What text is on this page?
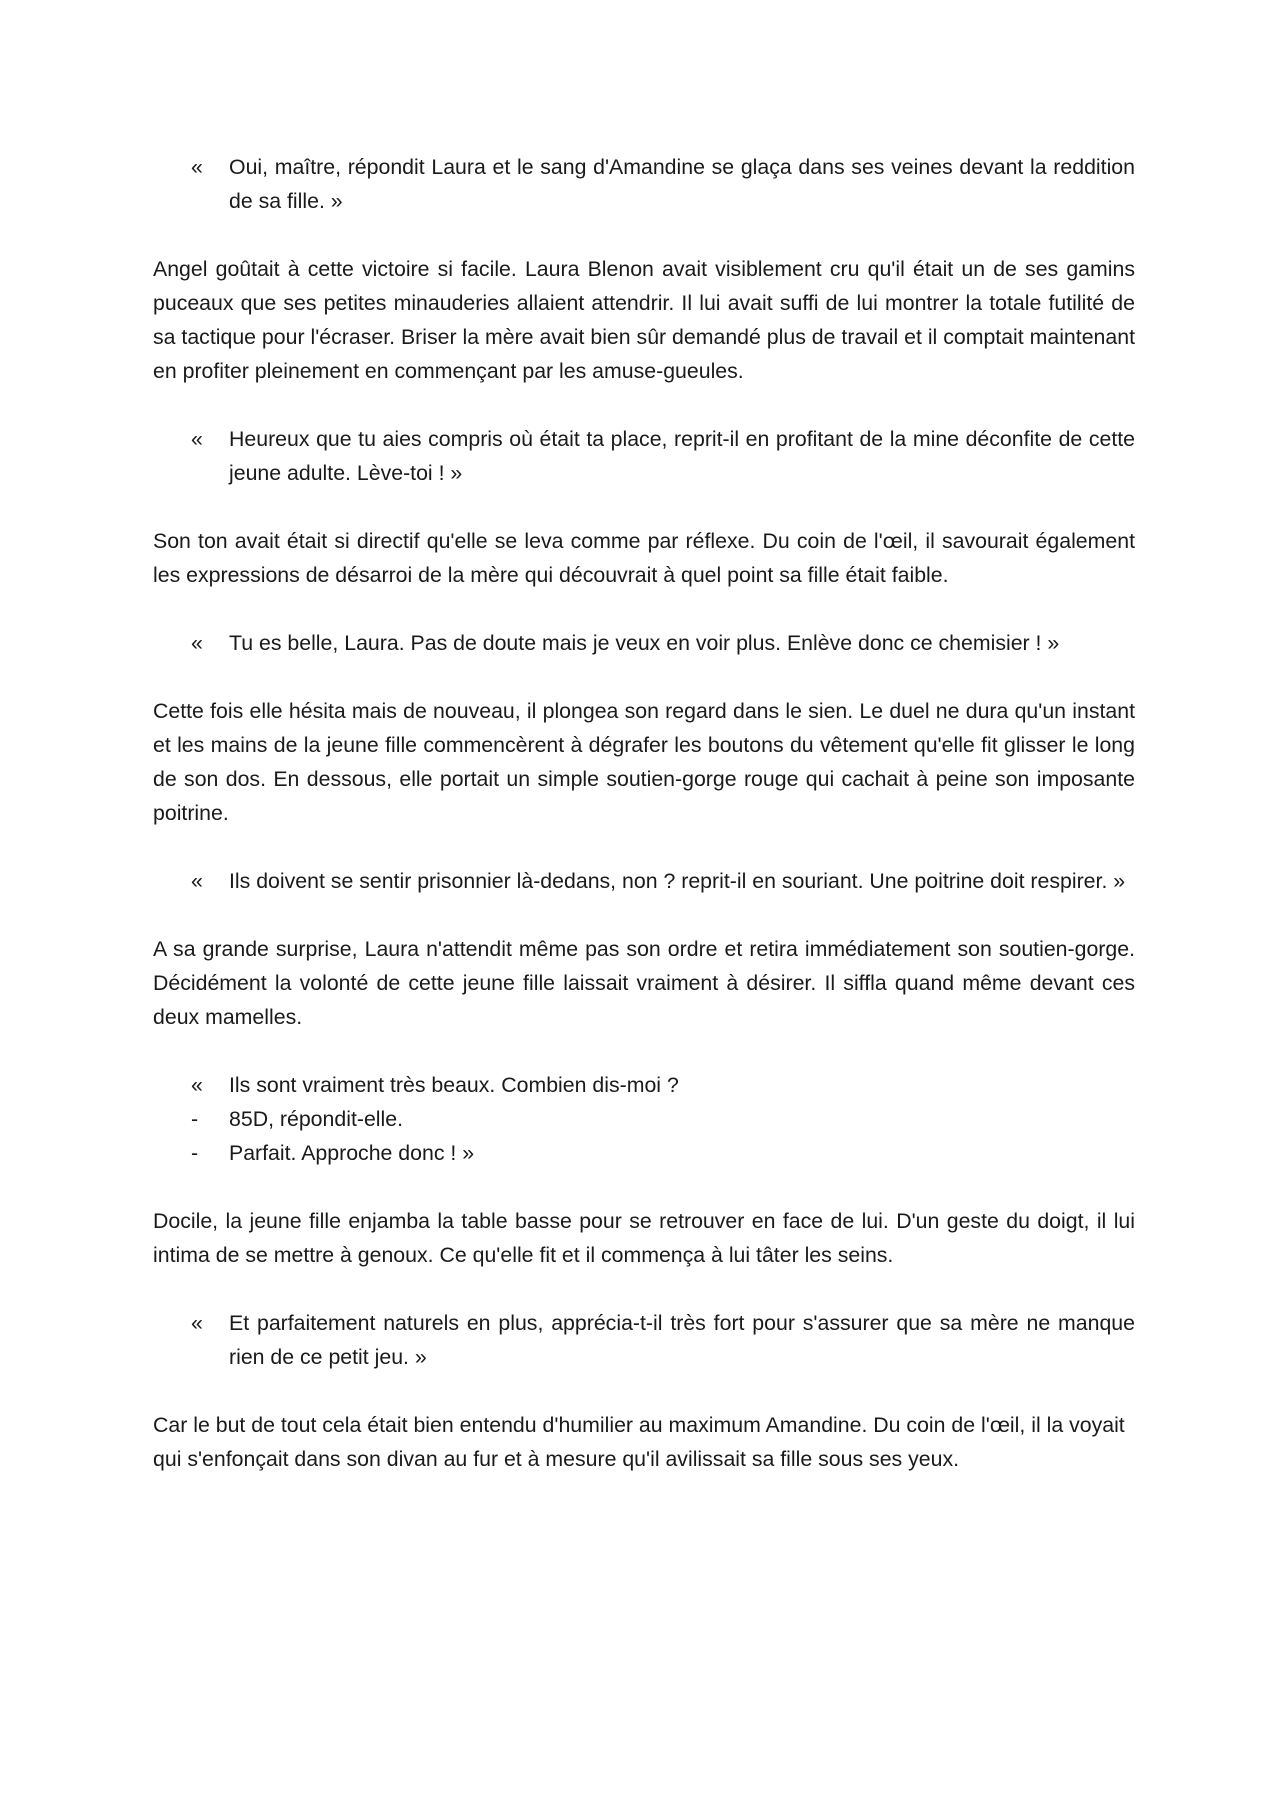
«	Oui, maître, répondit Laura et le sang d'Amandine se glaça dans ses veines devant la reddition de sa fille. »

Angel goûtait à cette victoire si facile. Laura Blenon avait visiblement cru qu'il était un de ses gamins puceaux que ses petites minauderies allaient attendrir. Il lui avait suffi de lui montrer la totale futilité de sa tactique pour l'écraser. Briser la mère avait bien sûr demandé plus de travail et il comptait maintenant en profiter pleinement en commençant par les amuse-gueules.

«	Heureux que tu aies compris où était ta place, reprit-il en profitant de la mine déconfite de cette jeune adulte. Lève-toi ! »

Son ton avait était si directif qu'elle se leva comme par réflexe. Du coin de l'œil, il savourait également les expressions de désarroi de la mère qui découvrait à quel point sa fille était faible.

«	Tu es belle, Laura. Pas de doute mais je veux en voir plus. Enlève donc ce chemisier ! »

Cette fois elle hésita mais de nouveau, il plongea son regard dans le sien. Le duel ne dura qu'un instant et les mains de la jeune fille commencèrent à dégrafer les boutons du vêtement qu'elle fit glisser le long de son dos. En dessous, elle portait un simple soutien-gorge rouge qui cachait à peine son imposante poitrine.

«	Ils doivent se sentir prisonnier là-dedans, non ? reprit-il en souriant. Une poitrine doit respirer. »

A sa grande surprise, Laura n'attendit même pas son ordre et retira immédiatement son soutien-gorge. Décidément la volonté de cette jeune fille laissait vraiment à désirer. Il siffla quand même devant ces deux mamelles.

«	Ils sont vraiment très beaux. Combien dis-moi ?
-	85D, répondit-elle.
-	Parfait. Approche donc ! »

Docile, la jeune fille enjamba la table basse pour se retrouver en face de lui. D'un geste du doigt, il lui intima de se mettre à genoux. Ce qu'elle fit et il commença à lui tâter les seins.

«	Et parfaitement naturels en plus, apprécia-t-il très fort pour s'assurer que sa mère ne manque rien de ce petit jeu. »

Car le but de tout cela était bien entendu d'humilier au maximum Amandine. Du coin de l'œil, il la voyait qui s'enfonçait dans son divan au fur et à mesure qu'il avilissait sa fille sous ses yeux.
